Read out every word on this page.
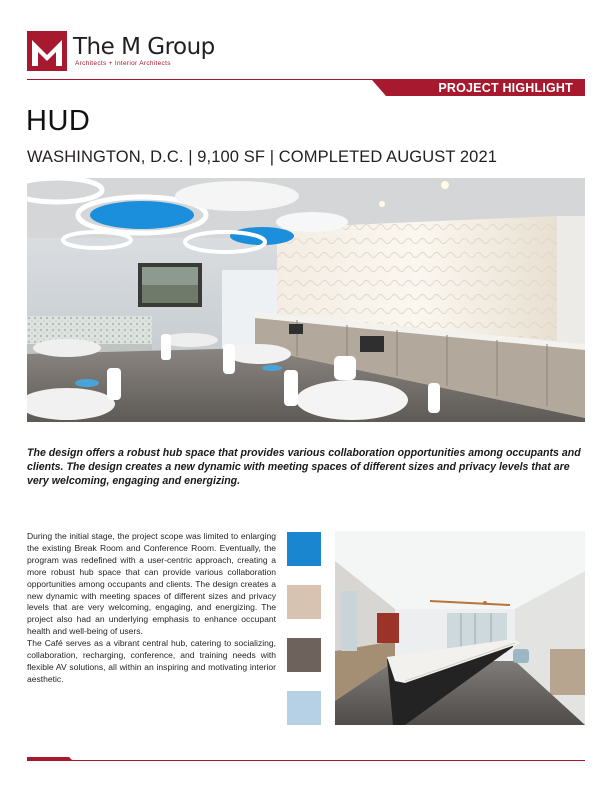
The M Group
Architects + Interior Architects
PROJECT HIGHLIGHT
HUD
WASHINGTON, D.C. | 9,100 SF | COMPLETED AUGUST 2021
The design offers a robust hub space that provides various collaboration opportunities among occupants and clients. The design creates a new dynamic with meeting spaces of different sizes and privacy levels that are very welcoming, engaging and energizing.

During the initial stage, the project scope was limited to enlarging the existing Break Room and Conference Room. Eventually, the program was redefined with a user-centric approach, creating a more robust hub space that can provide various collaboration opportunities among occupants and clients. The design creates a new dynamic with meeting spaces of different sizes and privacy levels that are very welcoming, engaging, and energizing. The project also had an underlying emphasis to enhance occupant health and well-being of users.

The Café serves as a vibrant central hub, catering to socializing, collaboration, recharging, conference, and training needs with flexible AV solutions, all within an inspiring and motivating interior aesthetic.
